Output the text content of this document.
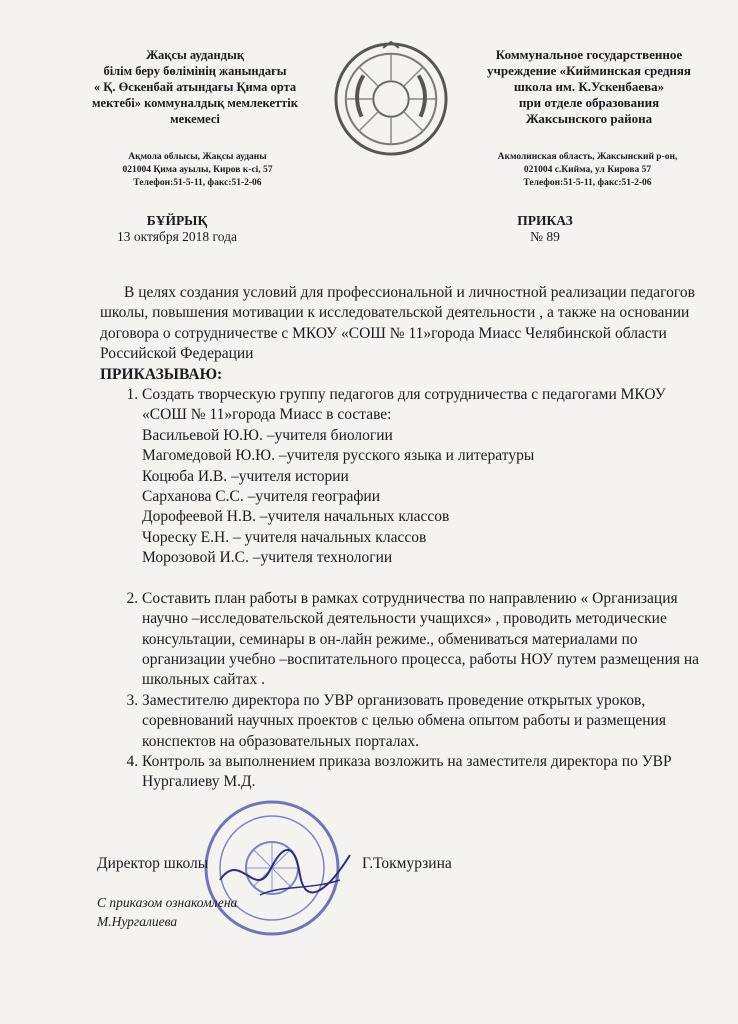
Жақсы аудандық
білім беру бөлімінің жанындағы
« Қ. Өскенбай атындағы Қима орта
мектебі» коммуналдық мемлекеттік
мекемесі
Коммунальное государственное
учреждение «Кийминская средняя
школа им. К.Ускенбаева»
при отделе образования
Жаксынского района
Ақмола облысы, Жақсы ауданы
021004 Қима ауылы, Киров к-сі, 57
Телефон:51-5-11, факс:51-2-06
Акмолинская область, Жаксынский р-он,
021004 с.Кийма, ул Кирова 57
Телефон:51-5-11, факс:51-2-06
БҰЙРЫҚ
13 октября 2018 года
ПРИКАЗ
№ 89

В целях создания условий для профессиональной и личностной реализации педагогов школы, повышения мотивации к исследовательской деятельности , а также на основании договора о сотрудничестве с МКОУ «СОШ № 11»города Миасс Челябинской области Российской Федерации

ПРИКАЗЫВАЮ:

1. Создать творческую группу педагогов для сотрудничества с педагогами МКОУ «СОШ № 11»города Миасс в составе:
Васильевой Ю.Ю. –учителя биологии
Магомедовой Ю.Ю. –учителя русского языка и литературы
Коцюба И.В. –учителя истории
Сарханова С.С. –учителя географии
Дорофеевой Н.В. –учителя начальных классов
Чореску Е.Н. – учителя начальных классов
Морозовой И.С. –учителя технологии
2. Составить план работы в рамках сотрудничества по направлению « Организация научно –исследовательской деятельности учащихся» , проводить методические консультации, семинары в он-лайн режиме., обмениваться материалами по организации учебно –воспитательного процесса, работы НОУ путем размещения на школьных сайтах .
3. Заместителю директора по УВР организовать проведение открытых уроков, соревнований научных проектов с целью обмена опытом работы и размещения конспектов на образовательных порталах.
4. Контроль за выполнением приказа возложить на заместителя директора по УВР Нургалиеву М.Д.
Директор школы	Г.Токмурзина
С приказом ознакомлена
М.Нургалиева
